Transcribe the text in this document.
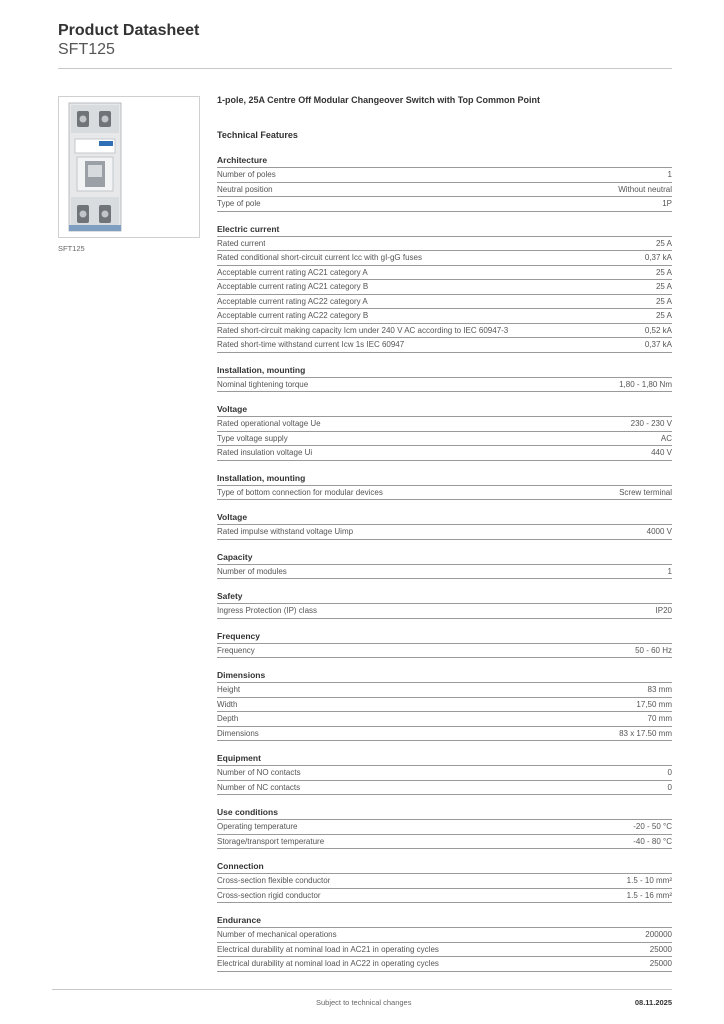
Product Datasheet
SFT125
SFT125
1-pole, 25A Centre Off Modular Changeover Switch with Top Common Point
Technical Features
Architecture
Number of poles	1
Neutral position	Without neutral
Type of pole	1P
Electric current
Rated current	25 A
Rated conditional short-circuit current Icc with gI-gG fuses	0,37 kA
Acceptable current rating AC21 category A	25 A
Acceptable current rating AC21 category B	25 A
Acceptable current rating AC22 category A	25 A
Acceptable current rating AC22 category B	25 A
Rated short-circuit making capacity Icm under 240 V AC according to IEC 60947-3	0,52 kA
Rated short-time withstand current Icw 1s IEC 60947	0,37 kA
Installation, mounting
Nominal tightening torque	1,80 - 1,80 Nm
Voltage
Rated operational voltage Ue	230 - 230 V
Type voltage supply	AC
Rated insulation voltage Ui	440 V
Installation, mounting
Type of bottom connection for modular devices	Screw terminal
Voltage
Rated impulse withstand voltage Uimp	4000 V
Capacity
Number of modules	1
Safety
Ingress Protection (IP) class	IP20
Frequency
Frequency	50 - 60 Hz
Dimensions
Height	83 mm
Width	17,50 mm
Depth	70 mm
Dimensions	83 x 17.50 mm
Equipment
Number of NO contacts	0
Number of NC contacts	0
Use conditions
Operating temperature	-20 - 50 °C
Storage/transport temperature	-40 - 80 °C
Connection
Cross-section flexible conductor	1.5 - 10 mm²
Cross-section rigid conductor	1.5 - 16 mm²
Endurance
Number of mechanical operations	200000
Electrical durability at nominal load in AC21 in operating cycles	25000
Electrical durability at nominal load in AC22 in operating cycles	25000
Subject to technical changes	08.11.2025
